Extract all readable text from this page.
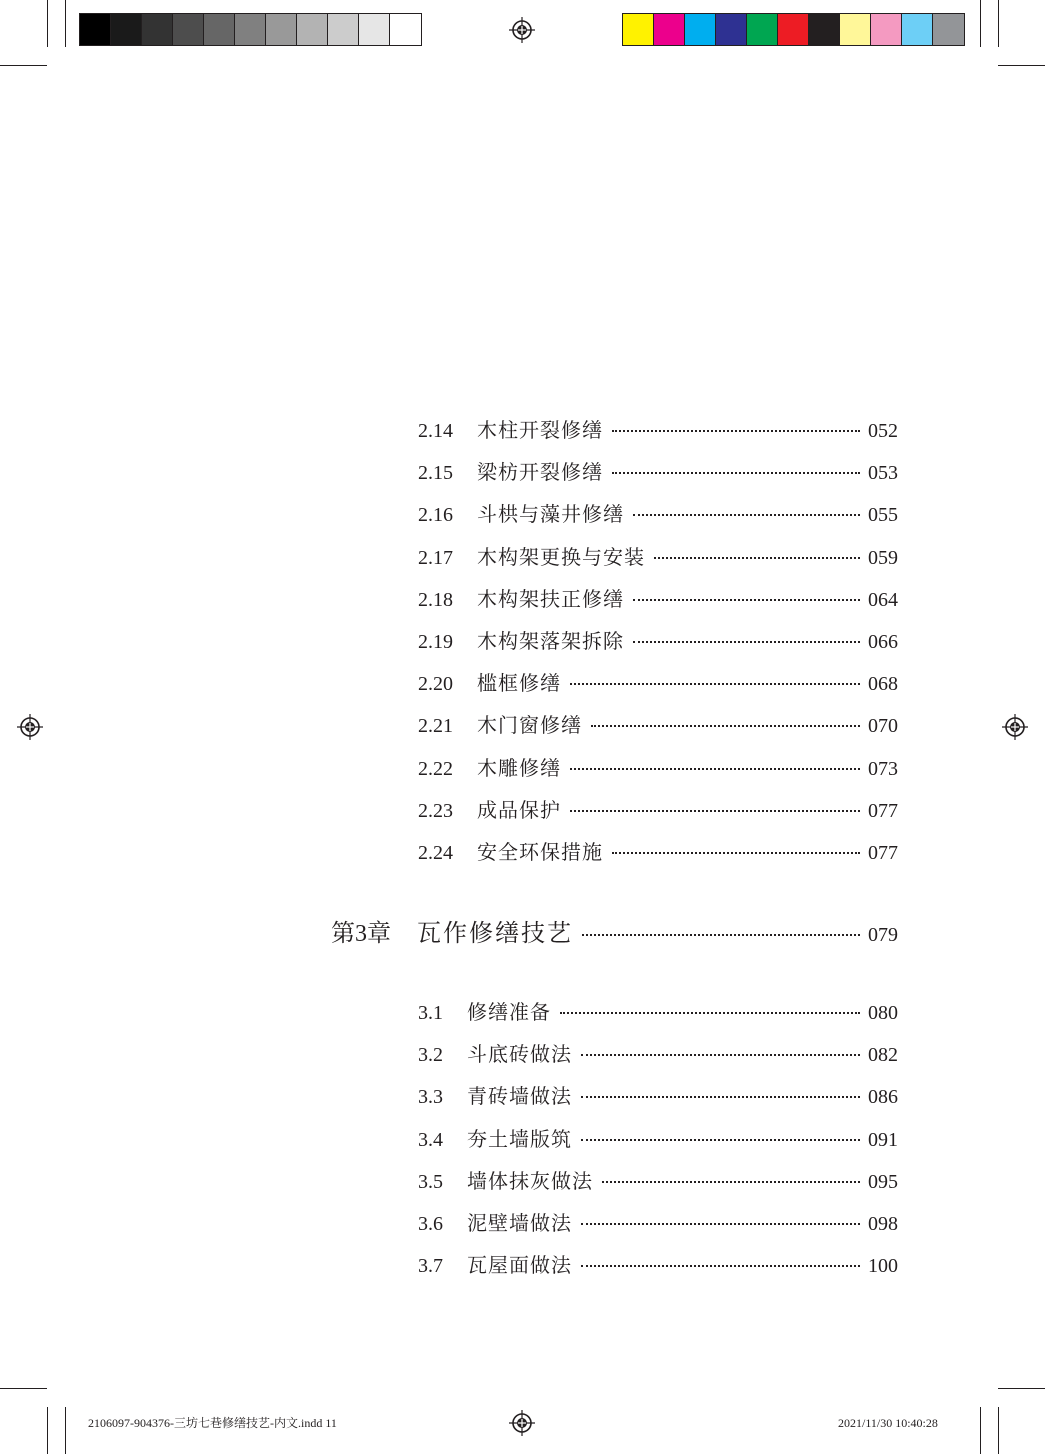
2.14	木柱开裂修缮	052
2.15	梁枋开裂修缮	053
2.16	斗栱与藻井修缮	055
2.17	木构架更换与安装	059
2.18	木构架扶正修缮	064
2.19	木构架落架拆除	066
2.20	槛框修缮	068
2.21	木门窗修缮	070
2.22	木雕修缮	073
2.23	成品保护	077
2.24	安全环保措施	077
第3章	瓦作修缮技艺	079
3.1	修缮准备	080
3.2	斗底砖做法	082
3.3	青砖墙做法	086
3.4	夯土墙版筑	091
3.5	墙体抹灰做法	095
3.6	泥壁墙做法	098
3.7	瓦屋面做法	100
2106097-904376-三坊七巷修缮技艺-内文.indd 11	2021/11/30 10:40:28
